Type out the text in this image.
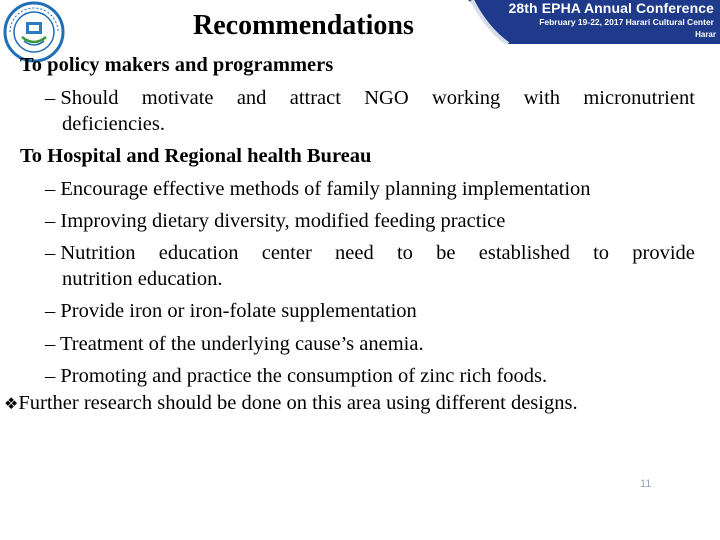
28th EPHA Annual Conference
February 19-22, 2017 Harari Cultural Center
Harar
Recommendations
To policy makers and programmers
– Should motivate and attract NGO working with micronutrient
deficiencies.
To Hospital and Regional health Bureau
– Encourage effective methods of family planning implementation
– Improving dietary diversity, modified feeding practice
– Nutrition education center need to be established to provide
nutrition education.
– Provide iron or iron-folate supplementation
– Treatment of the underlying cause’s anemia.
– Promoting and practice the consumption of zinc rich foods.
❖Further research should be done on this area using different designs.
11
